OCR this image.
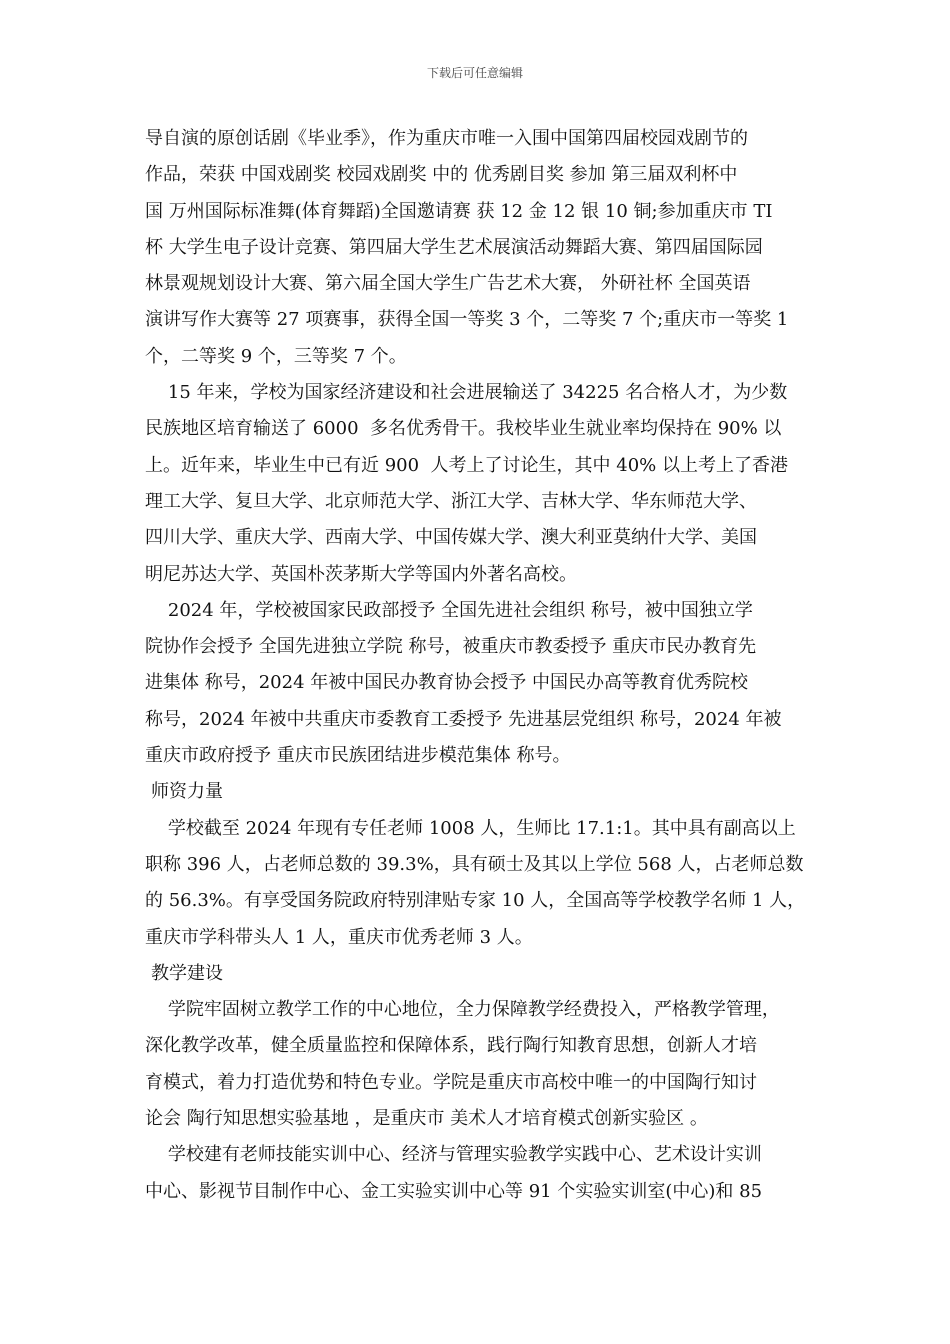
下载后可任意编辑
导自演的原创话剧《毕业季》，作为重庆市唯一入围中国第四届校园戏剧节的
作品，荣获 中国戏剧奖 校园戏剧奖 中的 优秀剧目奖 参加 第三届双利杯中
国 万州国际标准舞(体育舞蹈)全国邀请赛 获 12 金 12 银 10 铜;参加重庆市 TI
杯 大学生电子设计竞赛、第四届大学生艺术展演活动舞蹈大赛、第四届国际园
林景观规划设计大赛、第六届全国大学生广告艺术大赛， 外研社杯 全国英语
演讲写作大赛等 27 项赛事，获得全国一等奖 3 个，二等奖 7 个;重庆市一等奖 1
个，二等奖 9 个，三等奖 7 个。
15 年来，学校为国家经济建设和社会进展输送了 34225 名合格人才，为少数
民族地区培育输送了 6000  多名优秀骨干。我校毕业生就业率均保持在 90% 以
上。近年来，毕业生中已有近 900  人考上了讨论生，其中 40% 以上考上了香港
理工大学、复旦大学、北京师范大学、浙江大学、吉林大学、华东师范大学、
四川大学、重庆大学、西南大学、中国传媒大学、澳大利亚莫纳什大学、美国
明尼苏达大学、英国朴茨茅斯大学等国内外著名高校。
2024 年，学校被国家民政部授予 全国先进社会组织 称号，被中国独立学
院协作会授予 全国先进独立学院 称号，被重庆市教委授予 重庆市民办教育先
进集体 称号，2024 年被中国民办教育协会授予 中国民办高等教育优秀院校
称号，2024 年被中共重庆市委教育工委授予 先进基层党组织 称号，2024 年被
重庆市政府授予 重庆市民族团结进步模范集体 称号。
师资力量
学校截至 2024 年现有专任老师 1008 人，生师比 17.1:1。其中具有副高以上
职称 396 人，占老师总数的 39.3%，具有硕士及其以上学位 568 人，占老师总数
的 56.3%。有享受国务院政府特别津贴专家 10 人，全国高等学校教学名师 1 人，
重庆市学科带头人 1 人，重庆市优秀老师 3 人。
教学建设
学院牢固树立教学工作的中心地位，全力保障教学经费投入，严格教学管理，
深化教学改革，健全质量监控和保障体系，践行陶行知教育思想，创新人才培
育模式，着力打造优势和特色专业。学院是重庆市高校中唯一的中国陶行知讨
论会 陶行知思想实验基地 ，是重庆市 美术人才培育模式创新实验区 。
学校建有老师技能实训中心、经济与管理实验教学实践中心、艺术设计实训
中心、影视节目制作中心、金工实验实训中心等 91 个实验实训室(中心)和 85
